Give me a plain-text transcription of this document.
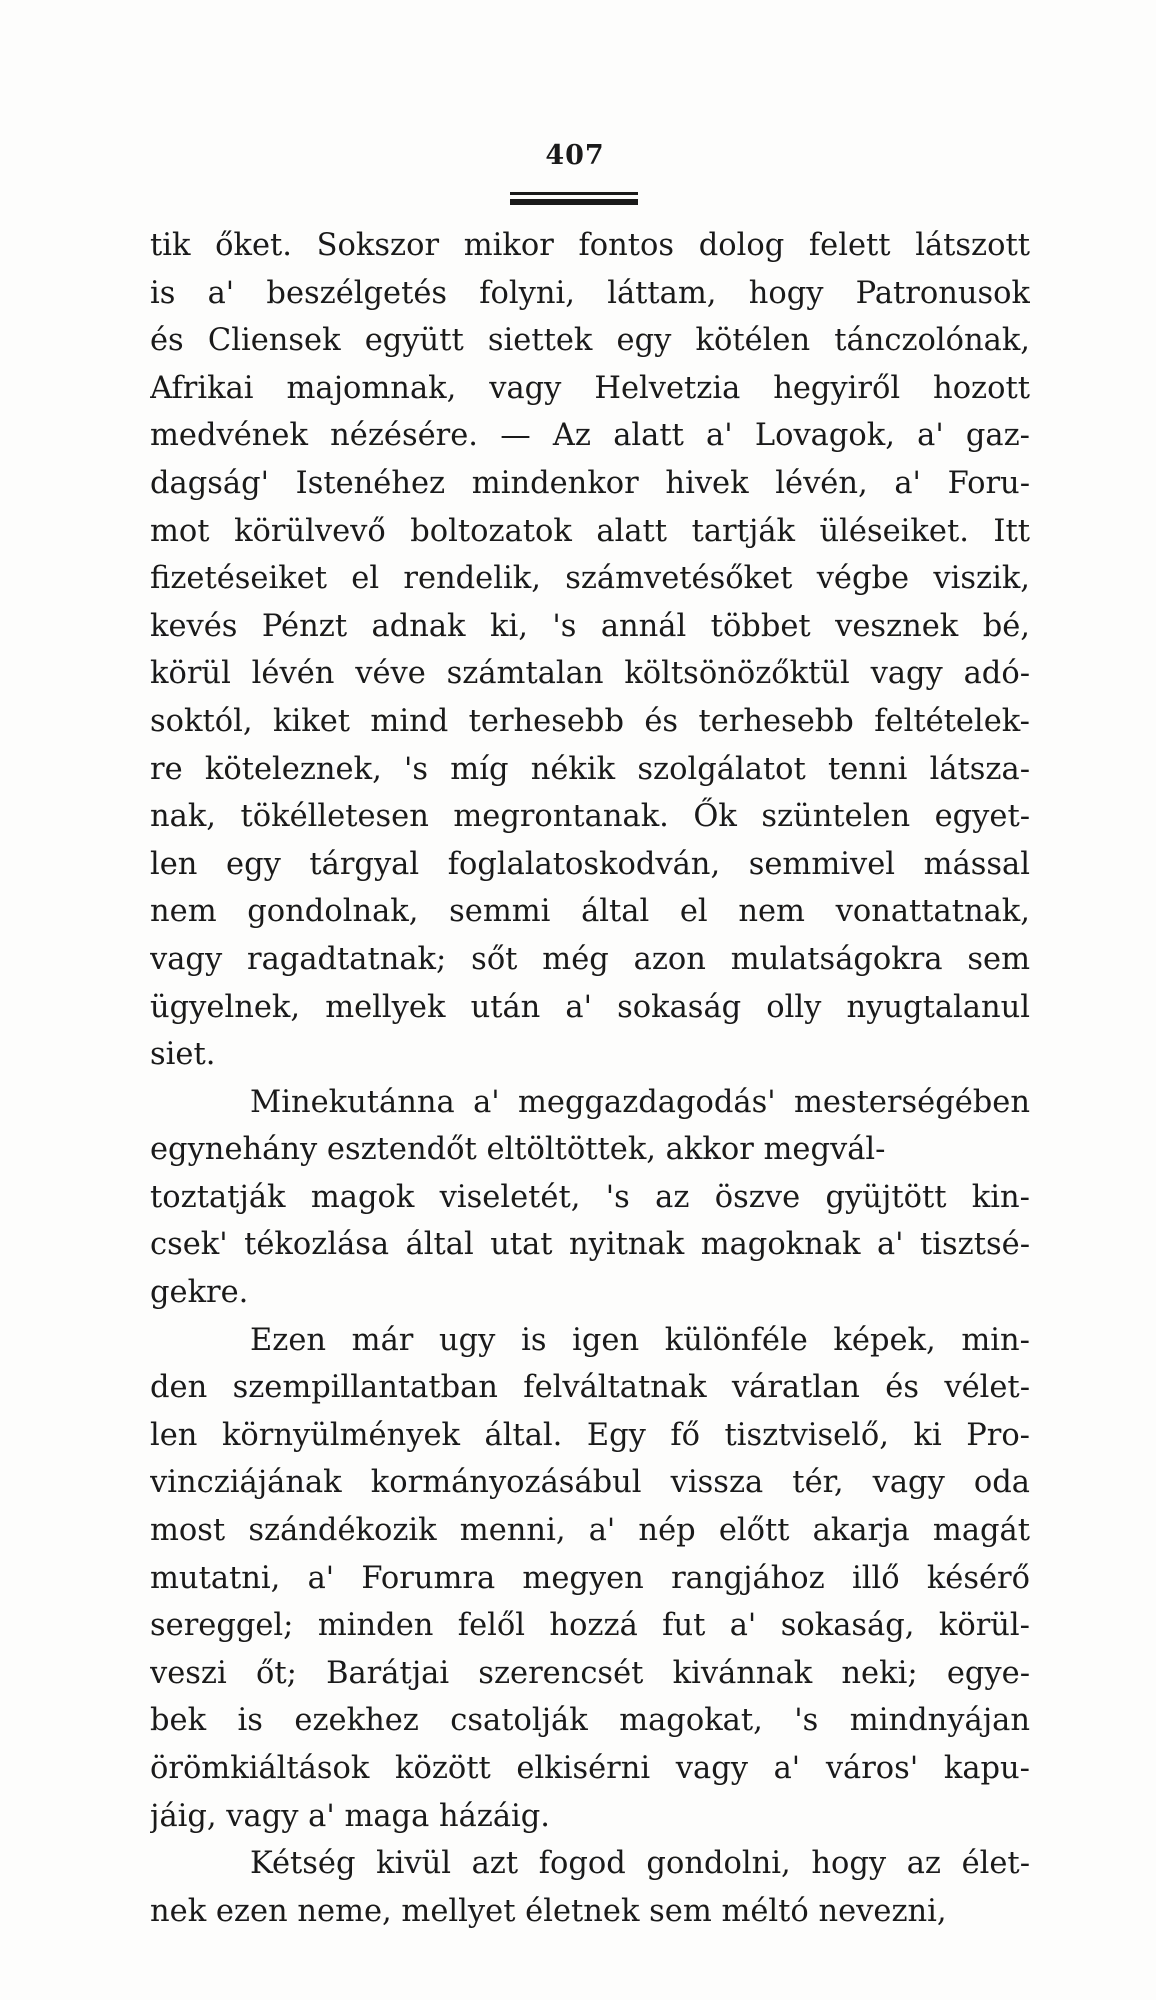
407
tik őket. Sokszor mikor fontos dolog felett látszott
is a' beszélgetés folyni, láttam, hogy Patronusok
és Cliensek együtt siettek egy kötélen tánczolónak,
Afrikai majomnak, vagy Helvetzia hegyiről hozott
medvének nézésére. — Az alatt a' Lovagok, a' gaz-
dagság' Istenéhez mindenkor hivek lévén, a' Foru-
mot körülvevő boltozatok alatt tartják üléseiket. Itt
fizetéseiket el rendelik, számvetésőket végbe viszik,
kevés Pénzt adnak ki, 's annál többet vesznek bé,
körül lévén véve számtalan költsönözőktül vagy adó-
soktól, kiket mind terhesebb és terhesebb feltételek-
re köteleznek, 's míg nékik szolgálatot tenni látsza-
nak, tökélletesen megrontanak. Ők szüntelen egyet-
len egy tárgyal foglalatoskodván, semmivel mással
nem gondolnak, semmi által el nem vonattatnak,
vagy ragadtatnak; sőt még azon mulatságokra sem
ügyelnek, mellyek után a' sokaság olly nyugtalanul
siet.
Minekutánna a' meggazdagodás' mesterségében
egynehány esztendőt eltöltöttek, akkor megvál-
toztatják magok viseletét, 's az öszve gyüjtött kin-
csek' tékozlása által utat nyitnak magoknak a' tisztsé-
gekre.
Ezen már ugy is igen különféle képek, min-
den szempillantatban felváltatnak váratlan és vélet-
len környülmények által. Egy fő tisztviselő, ki Pro-
vincziájának kormányozásábul vissza tér, vagy oda
most szándékozik menni, a' nép előtt akarja magát
mutatni, a' Forumra megyen rangjához illő késérő
sereggel; minden felől hozzá fut a' sokaság, körül-
veszi őt; Barátjai szerencsét kivánnak neki; egye-
bek is ezekhez csatolják magokat, 's mindnyájan
örömkiáltások között elkisérni vagy a' város' kapu-
jáig, vagy a' maga házáig.
Kétség kivül azt fogod gondolni, hogy az élet-
nek ezen neme, mellyet életnek sem méltó nevezni,
